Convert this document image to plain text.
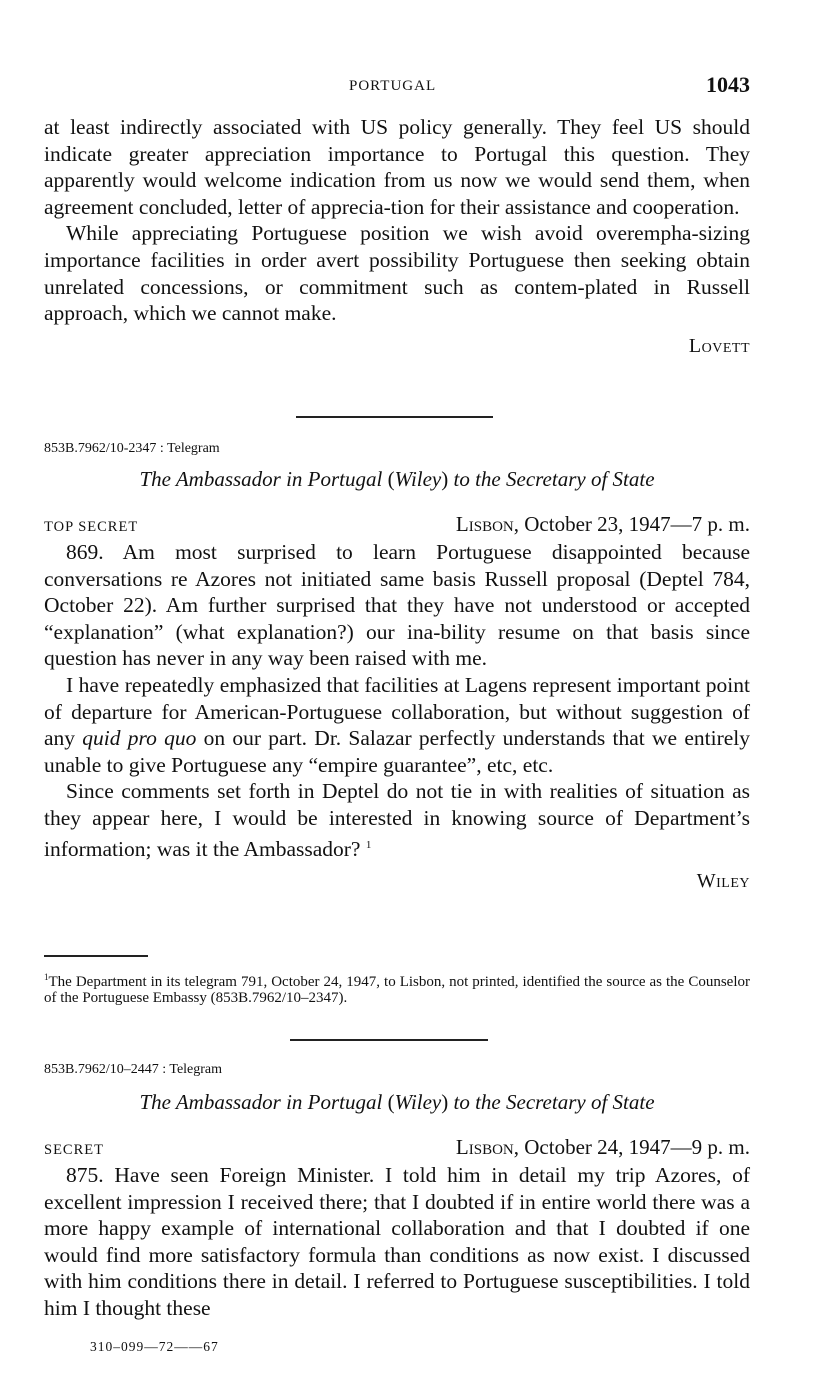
PORTUGAL	1043

at least indirectly associated with US policy generally. They feel US should indicate greater appreciation importance to Portugal this question. They apparently would welcome indication from us now we would send them, when agreement concluded, letter of apprecia-tion for their assistance and cooperation.

While appreciating Portuguese position we wish avoid overempha-sizing importance facilities in order avert possibility Portuguese then seeking obtain unrelated concessions, or commitment such as contem-plated in Russell approach, which we cannot make.

Lovett

853B.7962/10-2347 : Telegram

The Ambassador in Portugal (Wiley) to the Secretary of State

TOP SECRET	Lisbon, October 23, 1947—7 p. m.

869. Am most surprised to learn Portuguese disappointed because conversations re Azores not initiated same basis Russell proposal (Deptel 784, October 22). Am further surprised that they have not understood or accepted “explanation” (what explanation?) our ina-bility resume on that basis since question has never in any way been raised with me.

I have repeatedly emphasized that facilities at Lagens represent important point of departure for American-Portuguese collaboration, but without suggestion of any quid pro quo on our part. Dr. Salazar perfectly understands that we entirely unable to give Portuguese any “empire guarantee”, etc, etc.

Since comments set forth in Deptel do not tie in with realities of situation as they appear here, I would be interested in knowing source of Department’s information; was it the Ambassador? $^1$

Wiley

$^1$The Department in its telegram 791, October 24, 1947, to Lisbon, not printed, identified the source as the Counselor of the Portuguese Embassy (853B.7962/10–2347).

853B.7962/10–2447 : Telegram

The Ambassador in Portugal (Wiley) to the Secretary of State

SECRET	Lisbon, October 24, 1947—9 p. m.

875. Have seen Foreign Minister. I told him in detail my trip Azores, of excellent impression I received there; that I doubted if in entire world there was a more happy example of international collaboration and that I doubted if one would find more satisfactory formula than conditions as now exist. I discussed with him conditions there in detail. I referred to Portuguese susceptibilities. I told him I thought these

310–099—72——67
